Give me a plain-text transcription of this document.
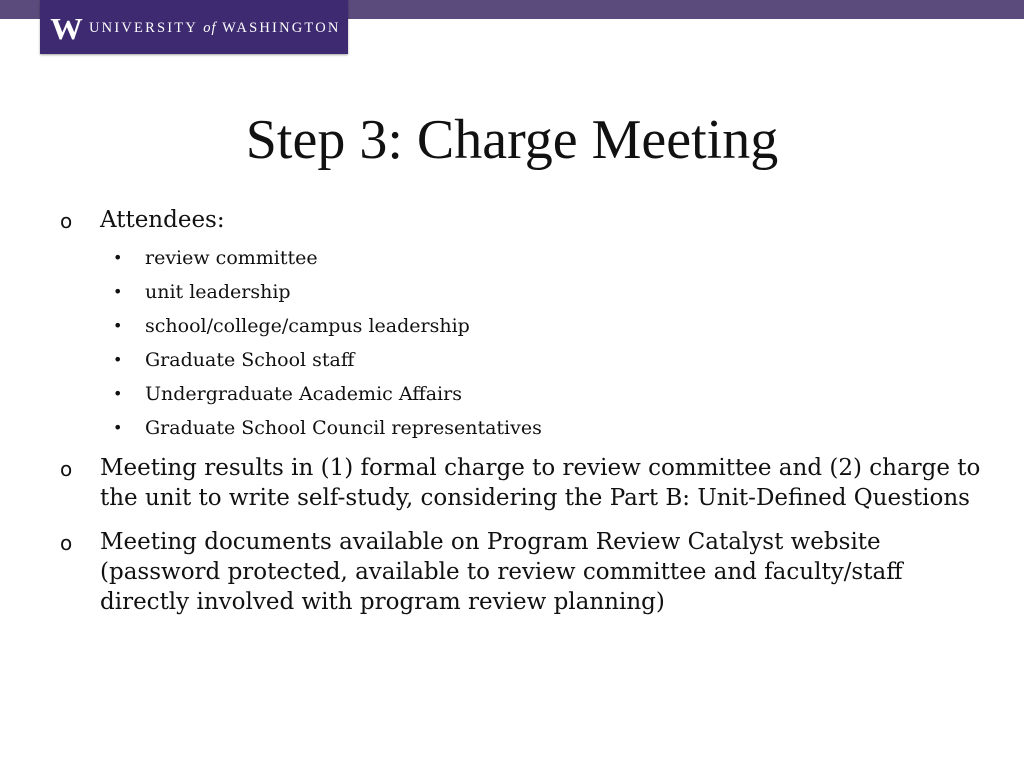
W UNIVERSITY of WASHINGTON
Step 3: Charge Meeting
o Attendees:
• review committee
• unit leadership
• school/college/campus leadership
• Graduate School staff
• Undergraduate Academic Affairs
• Graduate School Council representatives
o Meeting results in (1) formal charge to review committee and (2) charge to the unit to write self-study, considering the Part B: Unit-Defined Questions
o Meeting documents available on Program Review Catalyst website (password protected, available to review committee and faculty/staff directly involved with program review planning)
